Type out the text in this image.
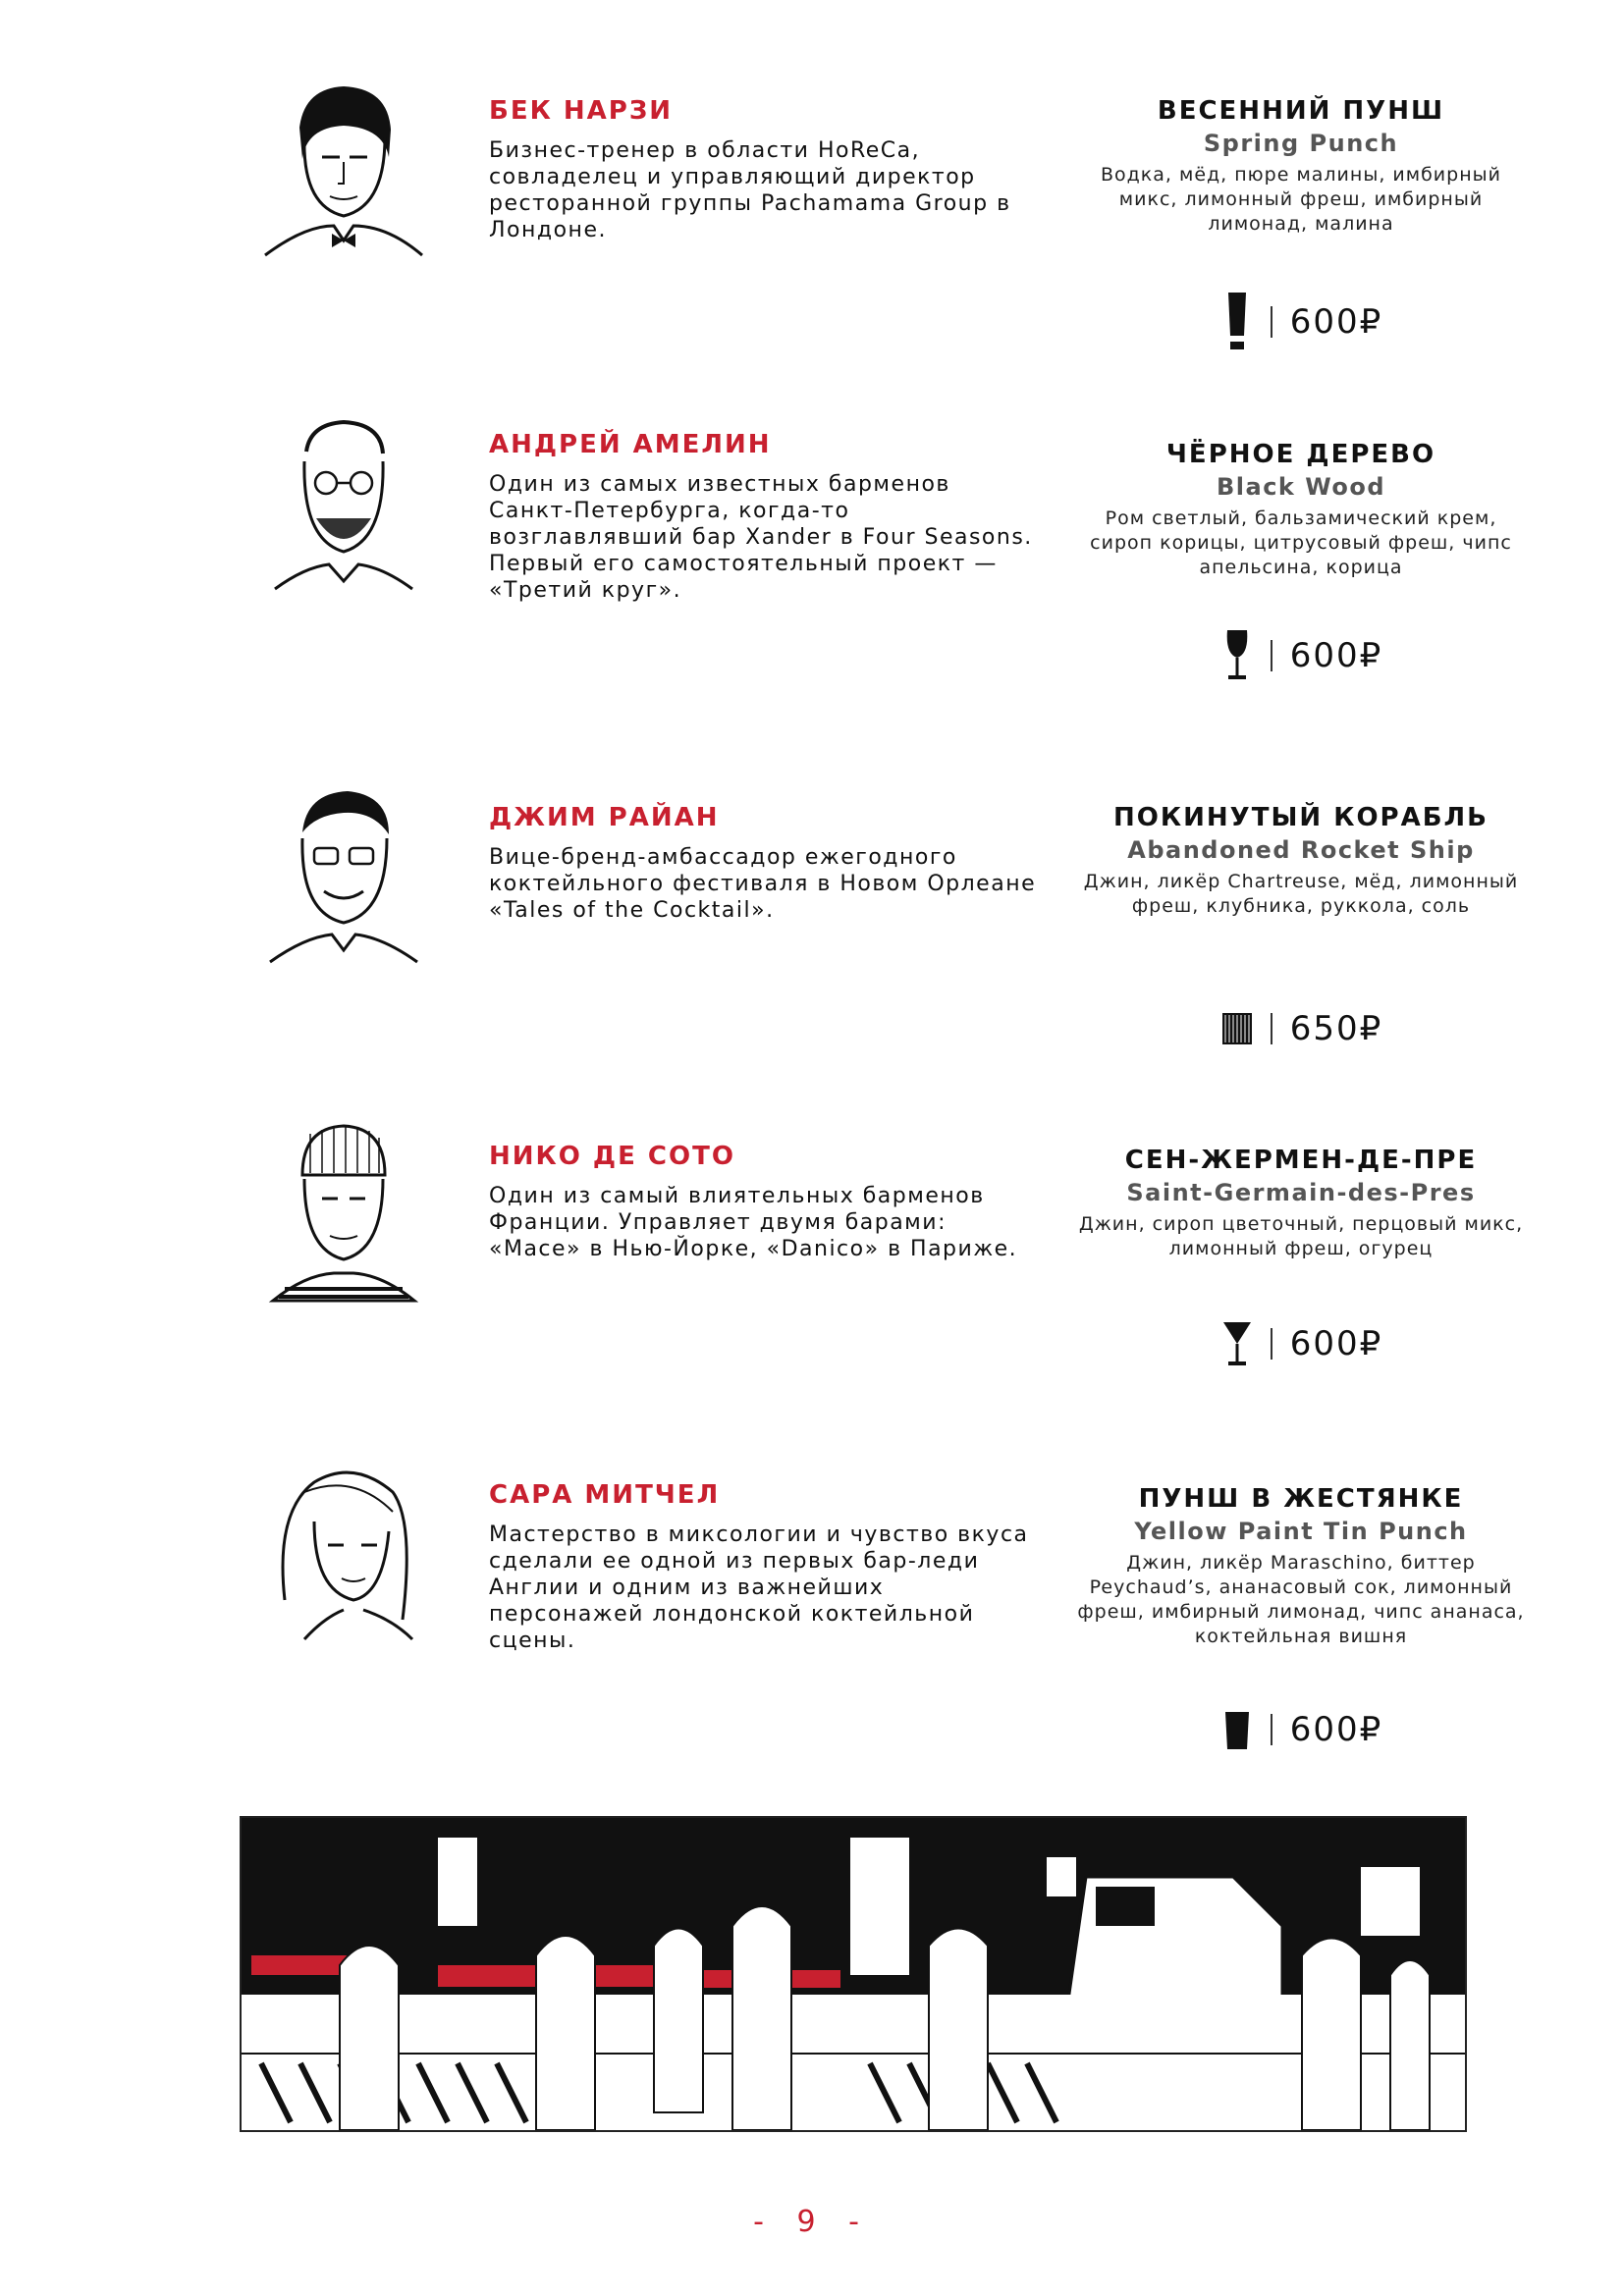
БЕК НАРЗИ

Бизнес-тренер в области HoReCa, совладелец и управляющий директор ресторанной группы Pachamama Group в Лондоне.

ВЕСЕННИЙ ПУНШ

Spring Punch

Водка, мёд, пюре малины, имбирный микс, лимонный фреш, имбирный лимонад, малина

600₽

АНДРЕЙ АМЕЛИН

Один из самых известных барменов Санкт-Петербурга, когда-то возглавлявший бар Xander в Four Seasons. Первый его самостоятельный проект — «Третий круг».

ЧЁРНОЕ ДЕРЕВО

Black Wood

Ром светлый, бальзамический крем, сироп корицы, цитрусовый фреш, чипс апельсина, корица

600₽

ДЖИМ РАЙАН

Вице-бренд-амбассадор ежегодного коктейльного фестиваля в Новом Орлеане «Tales of the Cocktail».

ПОКИНУТЫЙ КОРАБЛЬ

Abandoned Rocket Ship

Джин, ликёр Chartreuse, мёд, лимонный фреш, клубника, руккола, соль

650₽

НИКО ДЕ СОТО

Один из самый влиятельных барменов Франции. Управляет двумя барами: «Mace» в Нью-Йорке, «Danico» в Париже.

СЕН-ЖЕРМЕН-ДЕ-ПРЕ

Saint-Germain-des-Pres

Джин, сироп цветочный, перцовый микс, лимонный фреш, огурец

600₽

САРА МИТЧЕЛ

Мастерство в миксологии и чувство вкуса сделали ее одной из первых бар-леди Англии и одним из важнейших персонажей лондонской коктейльной сцены.

ПУНШ В ЖЕСТЯНКЕ

Yellow Paint Tin Punch

Джин, ликёр Maraschino, биттер Peychaud’s, ананасовый сок, лимонный фреш, имбирный лимонад, чипс ананаса, коктейльная вишня

600₽
- 9 -
